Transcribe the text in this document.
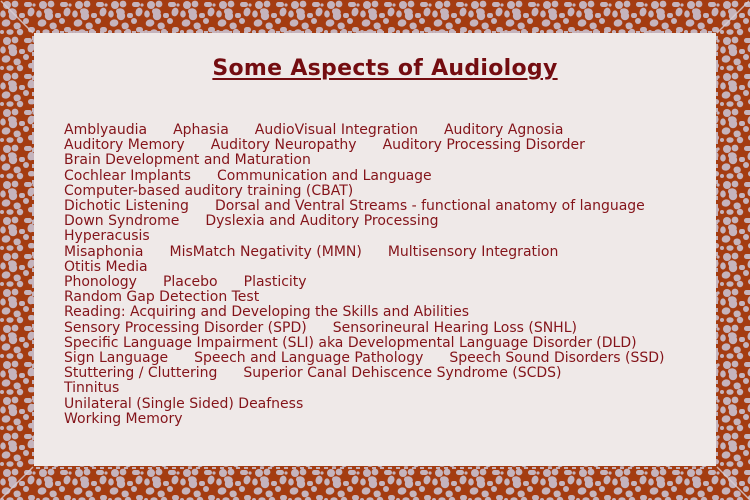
Some Aspects of Audiology
Amblyaudia Aphasia AudioVisual Integration Auditory Agnosia
Auditory Memory Auditory Neuropathy Auditory Processing Disorder
Brain Development and Maturation
Cochlear Implants Communication and Language
Computer-based auditory training (CBAT)
Dichotic Listening Dorsal and Ventral Streams - functional anatomy of language
Down Syndrome Dyslexia and Auditory Processing
Hyperacusis
Misaphonia MisMatch Negativity (MMN) Multisensory Integration
Otitis Media
Phonology Placebo Plasticity
Random Gap Detection Test
Reading: Acquiring and Developing the Skills and Abilities
Sensory Processing Disorder (SPD) Sensorineural Hearing Loss (SNHL)
Specific Language Impairment (SLI) aka Developmental Language Disorder (DLD)
Sign Language Speech and Language Pathology Speech Sound Disorders (SSD)
Stuttering / Cluttering Superior Canal Dehiscence Syndrome (SCDS)
Tinnitus
Unilateral (Single Sided) Deafness
Working Memory
